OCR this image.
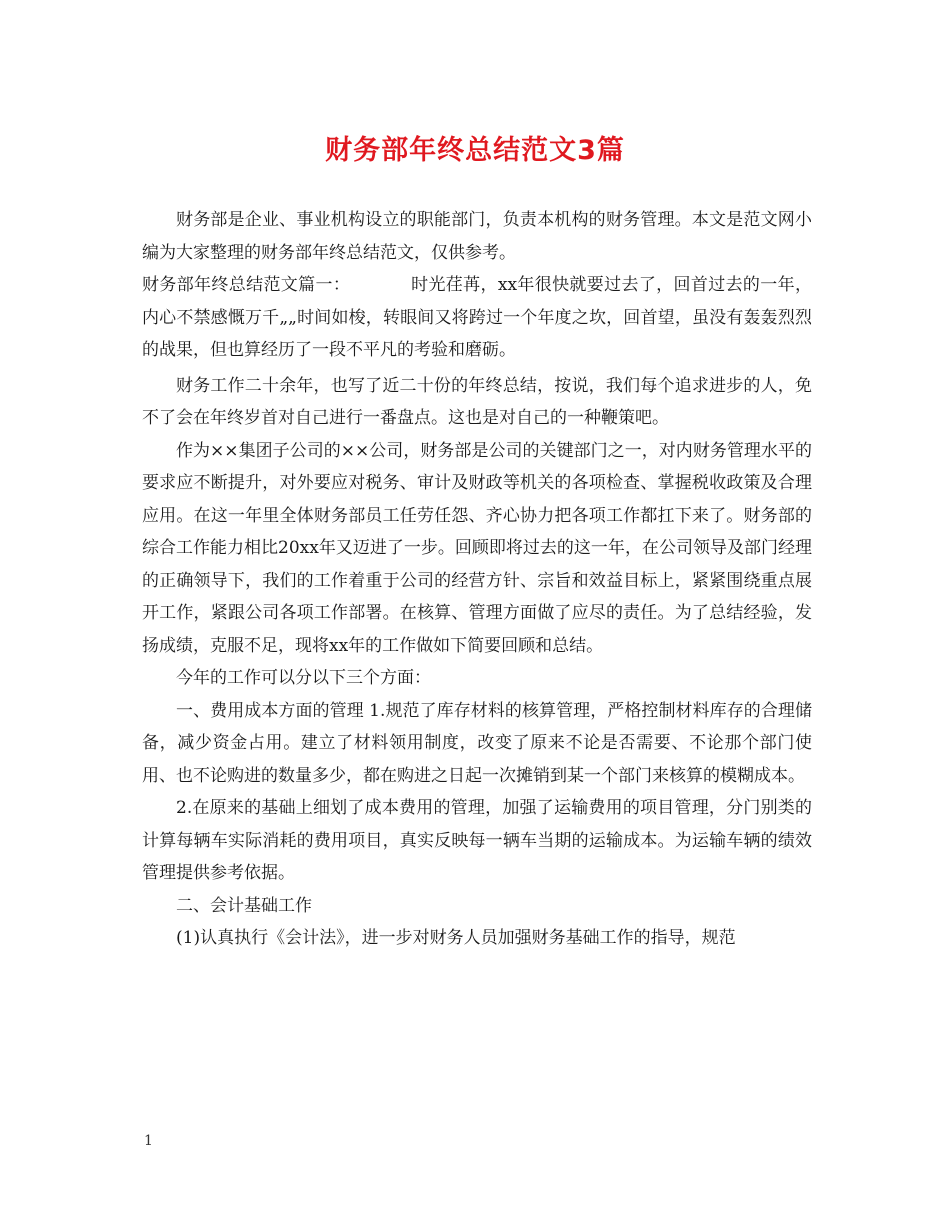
财务部年终总结范文3篇

财务部是企业、事业机构设立的职能部门，负责本机构的财务管理。本文是范文网小编为大家整理的财务部年终总结范文，仅供参考。

财务部年终总结范文篇一：　　　　时光荏苒，xx年很快就要过去了，回首过去的一年，内心不禁感慨万千„„时间如梭，转眼间又将跨过一个年度之坎，回首望，虽没有轰轰烈烈的战果，但也算经历了一段不平凡的考验和磨砺。

财务工作二十余年，也写了近二十份的年终总结，按说，我们每个追求进步的人，免不了会在年终岁首对自己进行一番盘点。这也是对自己的一种鞭策吧。

作为××集团子公司的××公司，财务部是公司的关键部门之一，对内财务管理水平的要求应不断提升，对外要应对税务、审计及财政等机关的各项检查、掌握税收政策及合理应用。在这一年里全体财务部员工任劳任怨、齐心协力把各项工作都扛下来了。财务部的综合工作能力相比20xx年又迈进了一步。回顾即将过去的这一年，在公司领导及部门经理的正确领导下，我们的工作着重于公司的经营方针、宗旨和效益目标上，紧紧围绕重点展开工作，紧跟公司各项工作部署。在核算、管理方面做了应尽的责任。为了总结经验，发扬成绩，克服不足，现将xx年的工作做如下简要回顾和总结。

今年的工作可以分以下三个方面：

一、费用成本方面的管理 1.规范了库存材料的核算管理，严格控制材料库存的合理储备，减少资金占用。建立了材料领用制度，改变了原来不论是否需要、不论那个部门使用、也不论购进的数量多少，都在购进之日起一次摊销到某一个部门来核算的模糊成本。

2.在原来的基础上细划了成本费用的管理，加强了运输费用的项目管理，分门别类的计算每辆车实际消耗的费用项目，真实反映每一辆车当期的运输成本。为运输车辆的绩效管理提供参考依据。

二、会计基础工作

(1)认真执行《会计法》，进一步对财务人员加强财务基础工作的指导，规范

1
